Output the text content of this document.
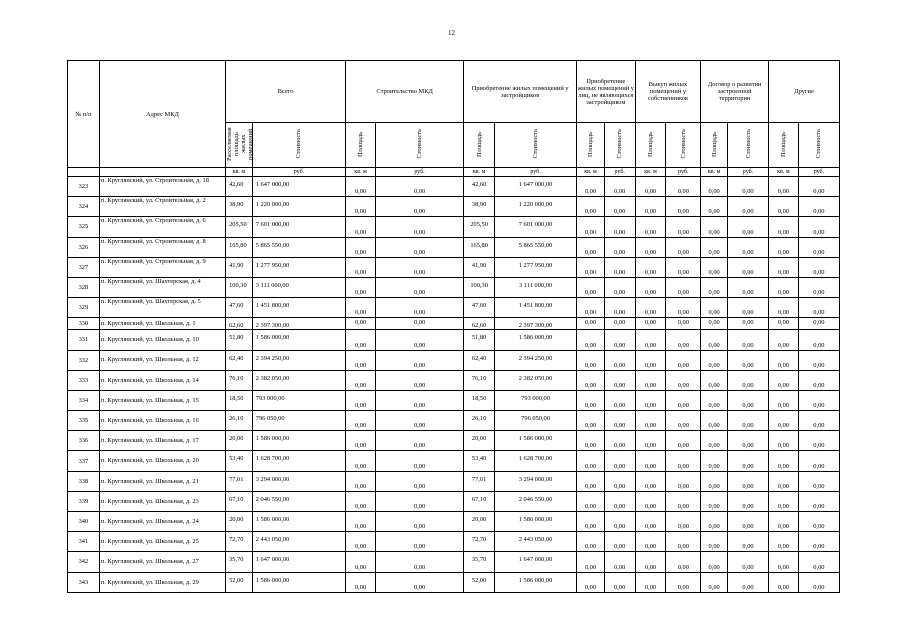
12
№ п/п	Адрес МКД	Всего		Строительство МКД		Приобретение жилых помещений у застройщиков		Приобретение жилых помещений у лиц, не являющихся застройщиком		Выкуп жилых помещений у собственников		Договор о развитии застроенной территории		Другие	
		Расселяемая площадь жилых помещений	Стоимость	Площадь	Стоимость	Площадь	Стоимость	Площадь	Стоимость	Площадь	Стоимость	Площадь	Стоимость	Площадь	Стоимость
		кв. м	руб.	кв. м	руб.	кв. м	руб.	кв. м	руб.	кв. м	руб.	кв. м	руб.	кв. м	руб.
323	п. Круглянский, ул. Строительная, д. 18	42,60	1 647 000,00	0,00	0,00	42,60	1 647 000,00	0,00	0,00	0,00	0,00	0,00	0,00	0,00	0,00
324	п. Круглянский, ул. Строительная, д. 2	38,90	1 220 000,00	0,00	0,00	38,90	1 220 000,00	0,00	0,00	0,00	0,00	0,00	0,00	0,00	0,00
325	п. Круглянский, ул. Строительная, д. 6	205,50	7 601 000,00	0,00	0,00	205,50	7 601 000,00	0,00	0,00	0,00	0,00	0,00	0,00	0,00	0,00
326	п. Круглянский, ул. Строительная, д. 8	165,80	5 865 550,00	0,00	0,00	165,80	5 865 550,00	0,00	0,00	0,00	0,00	0,00	0,00	0,00	0,00
327	п. Круглянский, ул. Строительная, д. 9	41,90	1 277 950,00	0,00	0,00	41,90	1 277 950,00	0,00	0,00	0,00	0,00	0,00	0,00	0,00	0,00
328	п. Круглянский, ул. Шахтерская, д. 4	100,30	3 111 000,00	0,00	0,00	100,30	3 111 000,00	0,00	0,00	0,00	0,00	0,00	0,00	0,00	0,00
329	п. Круглянский, ул. Шахтерская, д. 5	47,60	1 451 800,00	0,00	0,00	47,60	1 451 800,00	0,00	0,00	0,00	0,00	0,00	0,00	0,00	0,00
330	п. Круглянский, ул. Школьная, д. 1	62,60	2 397 300,00	0,00	0,00	62,60	2 397 300,00	0,00	0,00	0,00	0,00	0,00	0,00	0,00	0,00
331	п. Круглянский, ул. Школьная, д. 10	51,80	1 586 000,00	0,00	0,00	51,80	1 586 000,00	0,00	0,00	0,00	0,00	0,00	0,00	0,00	0,00
332	п. Круглянский, ул. Школьная, д. 12	62,40	2 394 250,00	0,00	0,00	62,40	2 394 250,00	0,00	0,00	0,00	0,00	0,00	0,00	0,00	0,00
333	п. Круглянский, ул. Школьная, д. 14	76,10	2 382 050,00	0,00	0,00	76,10	2 382 050,00	0,00	0,00	0,00	0,00	0,00	0,00	0,00	0,00
334	п. Круглянский, ул. Школьная, д. 15	18,50	793 000,00	0,00	0,00	18,50	793 000,00	0,00	0,00	0,00	0,00	0,00	0,00	0,00	0,00
335	п. Круглянский, ул. Школьная, д. 16	26,10	796 050,00	0,00	0,00	26,10	796 050,00	0,00	0,00	0,00	0,00	0,00	0,00	0,00	0,00
336	п. Круглянский, ул. Школьная, д. 17	20,00	1 586 000,00	0,00	0,00	20,00	1 586 000,00	0,00	0,00	0,00	0,00	0,00	0,00	0,00	0,00
337	п. Круглянский, ул. Школьная, д. 20	53,40	1 628 700,00	0,00	0,00	53,40	1 628 700,00	0,00	0,00	0,00	0,00	0,00	0,00	0,00	0,00
338	п. Круглянский, ул. Школьная, д. 21	77,01	3 294 000,00	0,00	0,00	77,01	3 294 000,00	0,00	0,00	0,00	0,00	0,00	0,00	0,00	0,00
339	п. Круглянский, ул. Школьная, д. 23	67,10	2 046 550,00	0,00	0,00	67,10	2 046 550,00	0,00	0,00	0,00	0,00	0,00	0,00	0,00	0,00
340	п. Круглянский, ул. Школьная, д. 24	20,00	1 586 000,00	0,00	0,00	20,00	1 586 000,00	0,00	0,00	0,00	0,00	0,00	0,00	0,00	0,00
341	п. Круглянский, ул. Школьная, д. 25	72,70	2 443 050,00	0,00	0,00	72,70	2 443 050,00	0,00	0,00	0,00	0,00	0,00	0,00	0,00	0,00
342	п. Круглянский, ул. Школьная, д. 27	35,70	1 647 000,00	0,00	0,00	35,70	1 647 000,00	0,00	0,00	0,00	0,00	0,00	0,00	0,00	0,00
343	п. Круглянский, ул. Школьная, д. 29	52,00	1 586 000,00	0,00	0,00	52,00	1 586 000,00	0,00	0,00	0,00	0,00	0,00	0,00	0,00	0,00
